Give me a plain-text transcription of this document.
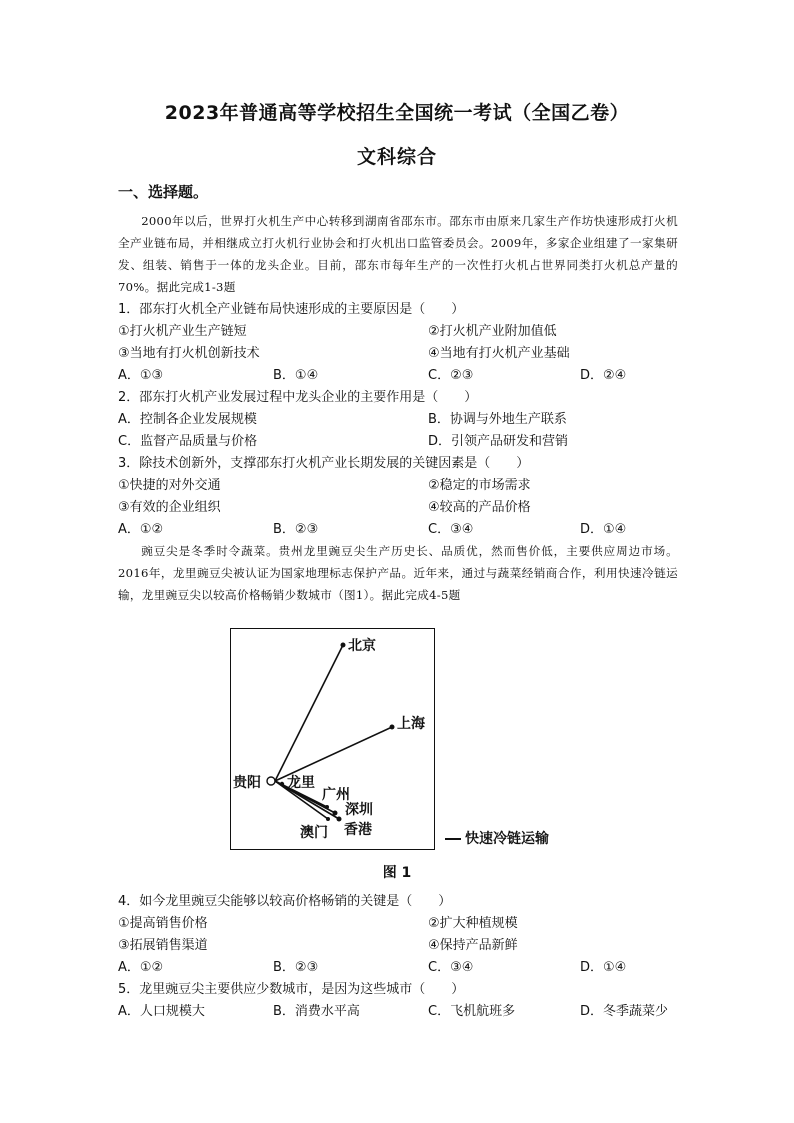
2023年普通高等学校招生全国统一考试（全国乙卷）
文科综合
一、选择题。
2000年以后，世界打火机生产中心转移到湖南省邵东市。邵东市由原来几家生产作坊快速形成打火机全产业链布局，并相继成立打火机行业协会和打火机出口监管委员会。2009年，多家企业组建了一家集研发、组装、销售于一体的龙头企业。目前，邵东市每年生产的一次性打火机占世界同类打火机总产量的70%。据此完成1-3题
1．邵东打火机全产业链布局快速形成的主要原因是（　　）
①打火机产业生产链短	②打火机产业附加值低
③当地有打火机创新技术	④当地有打火机产业基础
A．①③	B．①④	C．②③	D．②④
2．邵东打火机产业发展过程中龙头企业的主要作用是（　　）
A．控制各企业发展规模	B．协调与外地生产联系
C．监督产品质量与价格	D．引领产品研发和营销
3．除技术创新外，支撑邵东打火机产业长期发展的关键因素是（　　）
①快捷的对外交通	②稳定的市场需求
③有效的企业组织	④较高的产品价格
A．①②	B．②③	C．③④	D．①④
豌豆尖是冬季时令蔬菜。贵州龙里豌豆尖生产历史长、品质优，然而售价低，主要供应周边市场。2016年，龙里豌豆尖被认证为国家地理标志保护产品。近年来，通过与蔬菜经销商合作，利用快速冷链运输，龙里豌豆尖以较高价格畅销少数城市（图1）。据此完成4-5题
北京
上海
贵阳 龙里
广州
深圳
澳门 香港
快速冷链运输
图 1
4．如今龙里豌豆尖能够以较高价格畅销的关键是（　　）
①提高销售价格	②扩大种植规模
③拓展销售渠道	④保持产品新鲜
A．①②	B．②③	C．③④	D．①④
5．龙里豌豆尖主要供应少数城市，是因为这些城市（　　）
A．人口规模大	B．消费水平高	C．飞机航班多	D．冬季蔬菜少
